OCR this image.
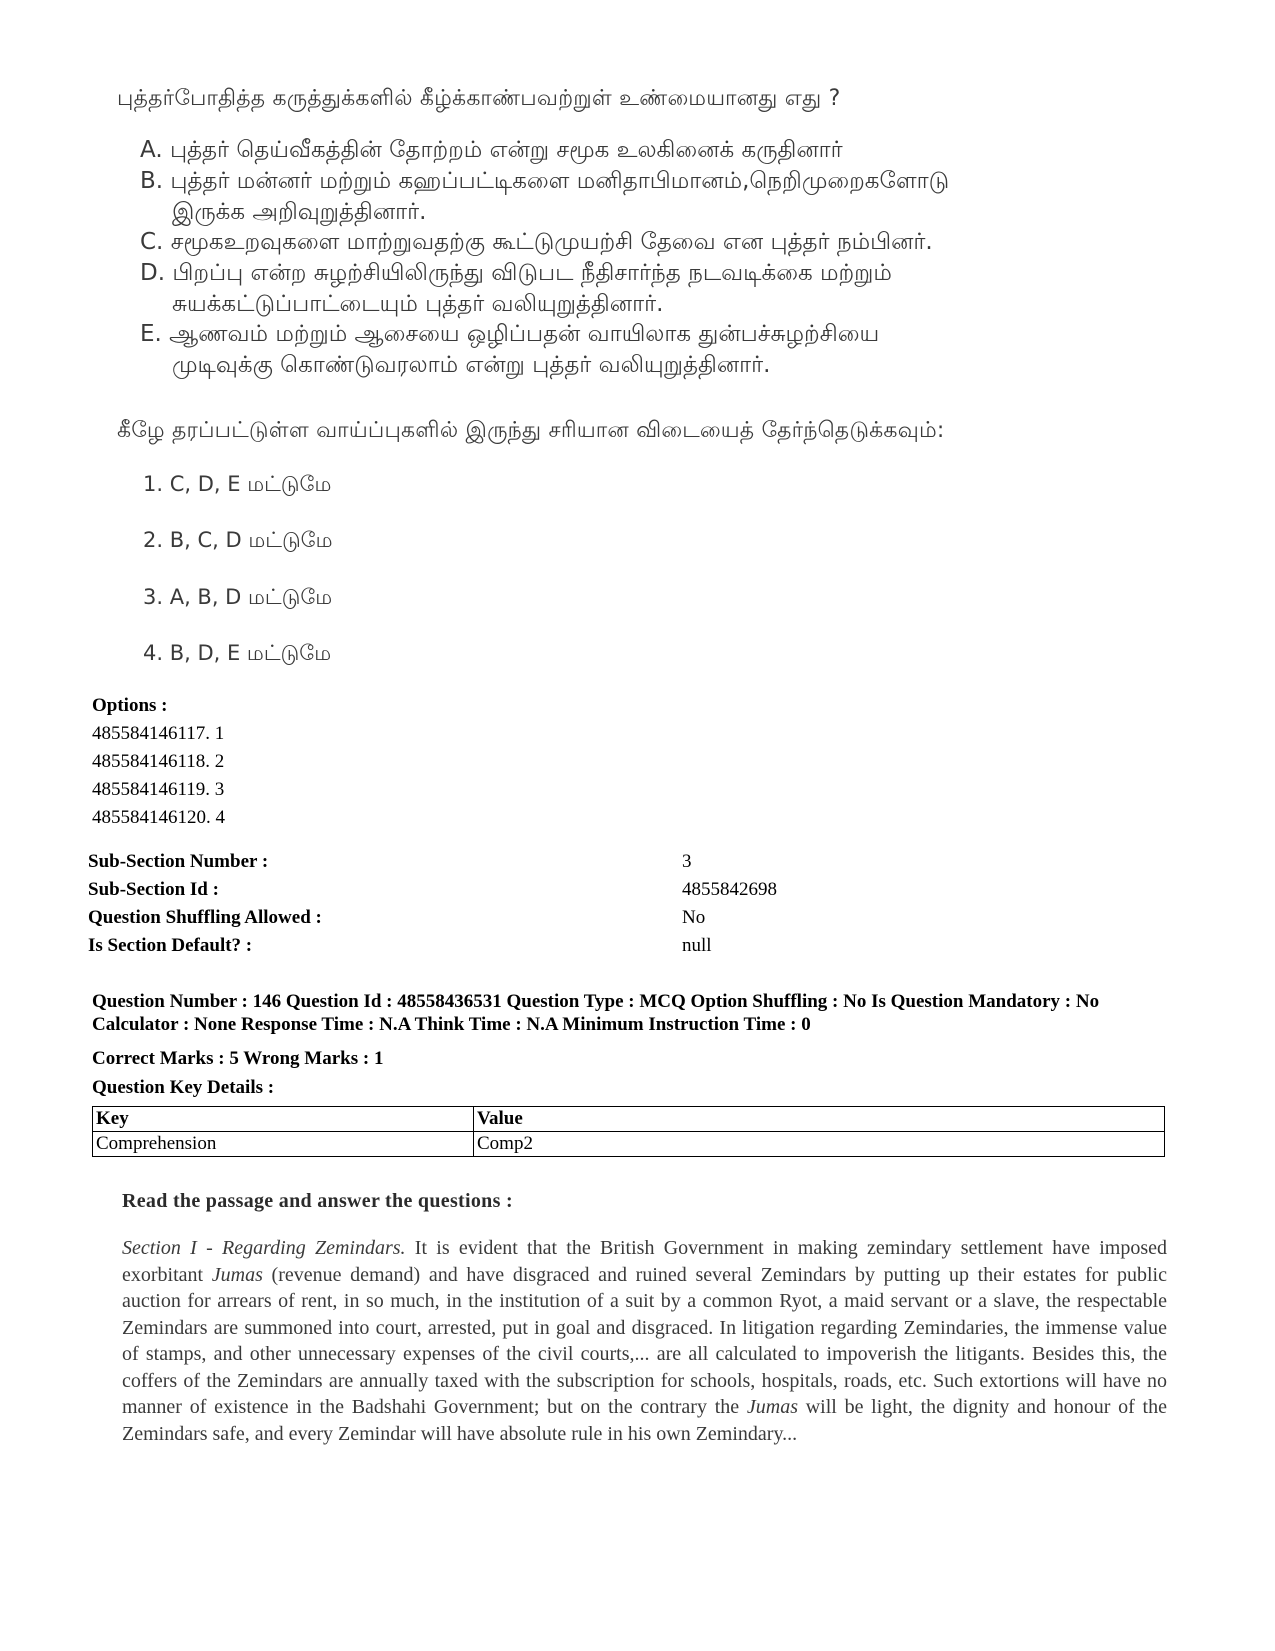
புத்தர்போதித்த கருத்துக்களில் கீழ்க்காண்பவற்றுள் உண்மையானது எது ?
A. புத்தர் தெய்வீகத்தின் தோற்றம் என்று சமூக உலகினைக் கருதினார்
B. புத்தர் மன்னர் மற்றும் கஹப்பட்டிகளை மனிதாபிமானம்,நெறிமுறைகளோடு
இருக்க அறிவுறுத்தினார்.
C. சமூகஉறவுகளை மாற்றுவதற்கு கூட்டுமுயற்சி தேவை என புத்தர் நம்பினர்.
D. பிறப்பு என்ற சுழற்சியிலிருந்து விடுபட நீதிசார்ந்த நடவடிக்கை மற்றும்
சுயக்கட்டுப்பாட்டையும் புத்தர் வலியுறுத்தினார்.
E. ஆணவம் மற்றும் ஆசையை ஒழிப்பதன் வாயிலாக துன்பச்சுழற்சியை
முடிவுக்கு கொண்டுவரலாம் என்று புத்தர் வலியுறுத்தினார்.
கீழே தரப்பட்டுள்ள வாய்ப்புகளில் இருந்து சரியான விடையைத் தேர்ந்தெடுக்கவும்:
1. C, D, E மட்டுமே
2. B, C, D மட்டுமே
3. A, B, D மட்டுமே
4. B, D, E மட்டுமே
Options :
485584146117. 1
485584146118. 2
485584146119. 3
485584146120. 4
Sub-Section Number :	3
Sub-Section Id :	4855842698
Question Shuffling Allowed :	No
Is Section Default? :	null
Question Number : 146 Question Id : 48558436531 Question Type : MCQ Option Shuffling : No Is Question Mandatory : No Calculator : None Response Time : N.A Think Time : N.A Minimum Instruction Time : 0
Correct Marks : 5 Wrong Marks : 1
Question Key Details :
Key	Value
Comprehension	Comp2
Read the passage and answer the questions :
Section I - Regarding Zemindars. It is evident that the British Government in making zemindary settlement have imposed exorbitant Jumas (revenue demand) and have disgraced and ruined several Zemindars by putting up their estates for public auction for arrears of rent, in so much, in the institution of a suit by a common Ryot, a maid servant or a slave, the respectable Zemindars are summoned into court, arrested, put in goal and disgraced. In litigation regarding Zemindaries, the immense value of stamps, and other unnecessary expenses of the civil courts,... are all calculated to impoverish the litigants. Besides this, the coffers of the Zemindars are annually taxed with the subscription for schools, hospitals, roads, etc. Such extortions will have no manner of existence in the Badshahi Government; but on the contrary the Jumas will be light, the dignity and honour of the Zemindars safe, and every Zemindar will have absolute rule in his own Zemindary...
